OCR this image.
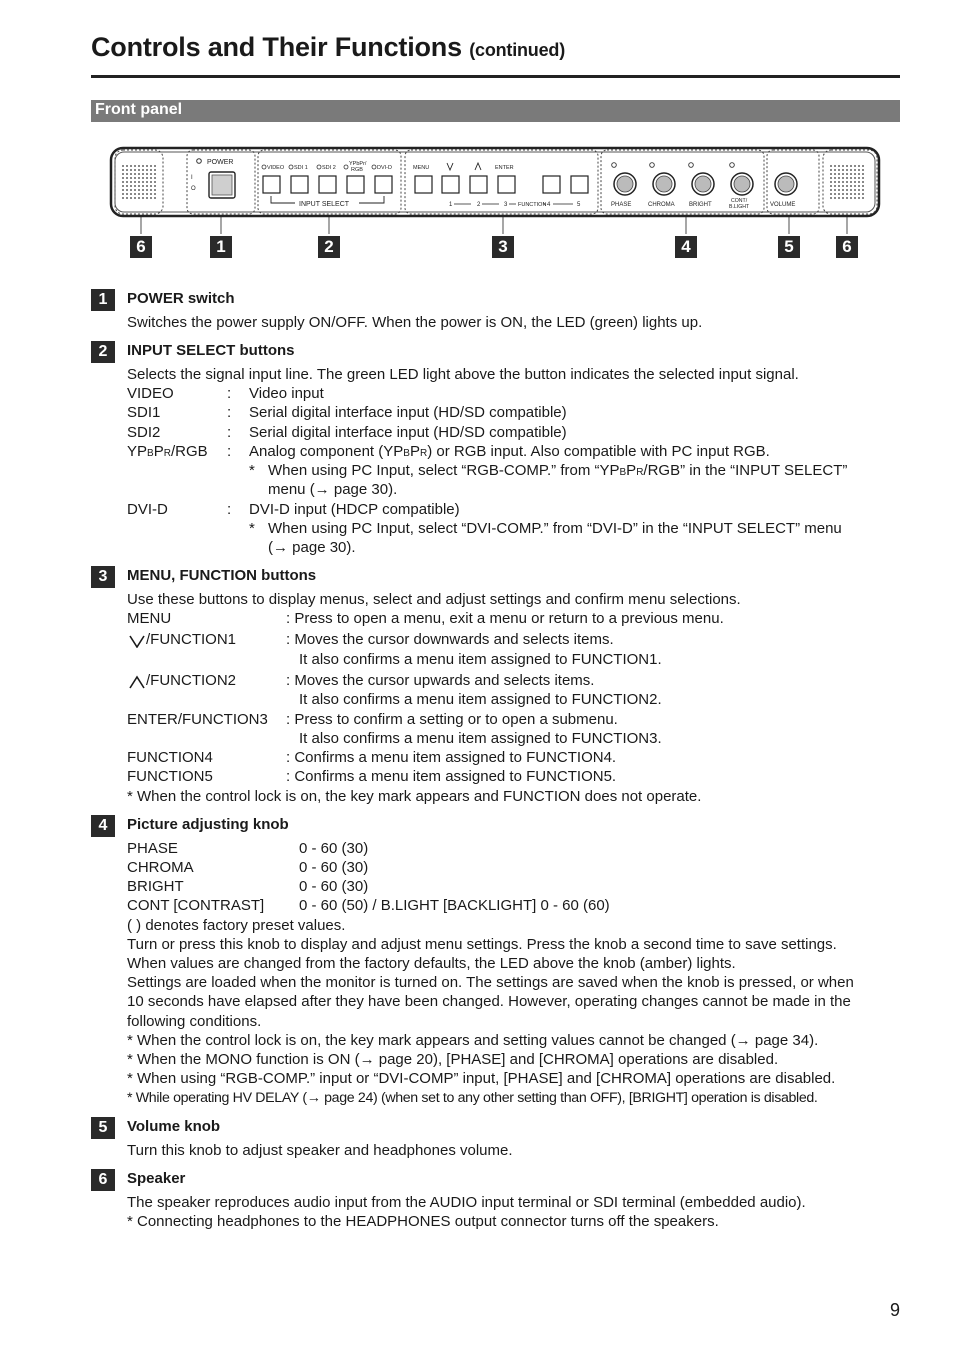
Controls and Their Functions (continued)
Front panel
POWER
I
O
VIDEO SDI 1	SDI 2
YPbPr/
RGB	DVI-D
INPUT SELECT
MENU	ENTER
1	2	3 FUNCTION 4	5	PHASE	CHROMA BRIGHT
CONT/
B.LIGHT	VOLUME
6	1	2	3	4	5	6
1	POWER switch
Switches the power supply ON/OFF. When the power is ON, the LED (green) lights up.
2	INPUT SELECT buttons
Selects the signal input line. The green LED light above the button indicates the selected input signal.
VIDEO	: Video input
SDI1	: Serial digital interface input (HD/SD compatible)
SDI2	: Serial digital interface input (HD/SD compatible)
YPBPR/RGB : Analog component (YPBPR) or RGB input. Also compatible with PC input RGB.
* When using PC Input, select “RGB-COMP.” from “YPBPR/RGB” in the “INPUT SELECT”
menu (→ page 30).
DVI-D	: DVI-D input (HDCP compatible)
* When using PC Input, select “DVI-COMP.” from “DVI-D” in the “INPUT SELECT” menu
(→ page 30).
3	MENU, FUNCTION buttons
Use these buttons to display menus, select and adjust settings and confirm menu selections.
MENU	: Press to open a menu, exit a menu or return to a previous menu.
/FUNCTION1	: Moves the cursor downwards and selects items.
It also confirms a menu item assigned to FUNCTION1.
/FUNCTION2	: Moves the cursor upwards and selects items.
It also confirms a menu item assigned to FUNCTION2.
ENTER/FUNCTION3 : Press to confirm a setting or to open a submenu.
It also confirms a menu item assigned to FUNCTION3.
FUNCTION4	: Confirms a menu item assigned to FUNCTION4.
FUNCTION5	: Confirms a menu item assigned to FUNCTION5.
* When the control lock is on, the key mark appears and FUNCTION does not operate.
4	Picture adjusting knob
PHASE	0 - 60 (30)
CHROMA	0 - 60 (30)
BRIGHT	0 - 60 (30)
CONT [CONTRAST] 0 - 60 (50) / B.LIGHT [BACKLIGHT] 0 - 60 (60)
( ) denotes factory preset values.
Turn or press this knob to display and adjust menu settings. Press the knob a second time to save settings.
When values are changed from the factory defaults, the LED above the knob (amber) lights.
Settings are loaded when the monitor is turned on. The settings are saved when the knob is pressed, or when
10 seconds have elapsed after they have been changed. However, operating changes cannot be made in the
following conditions.
* When the control lock is on, the key mark appears and setting values cannot be changed (→ page 34).
* When the MONO function is ON (→ page 20), [PHASE] and [CHROMA] operations are disabled.
* When using “RGB-COMP.” input or “DVI-COMP” input, [PHASE] and [CHROMA] operations are disabled.
* While operating HV DELAY (→ page 24) (when set to any other setting than OFF), [BRIGHT] operation is disabled.
5	Volume knob
Turn this knob to adjust speaker and headphones volume.
6	Speaker
The speaker reproduces audio input from the AUDIO input terminal or SDI terminal (embedded audio).
* Connecting headphones to the HEADPHONES output connector turns off the speakers.
9
